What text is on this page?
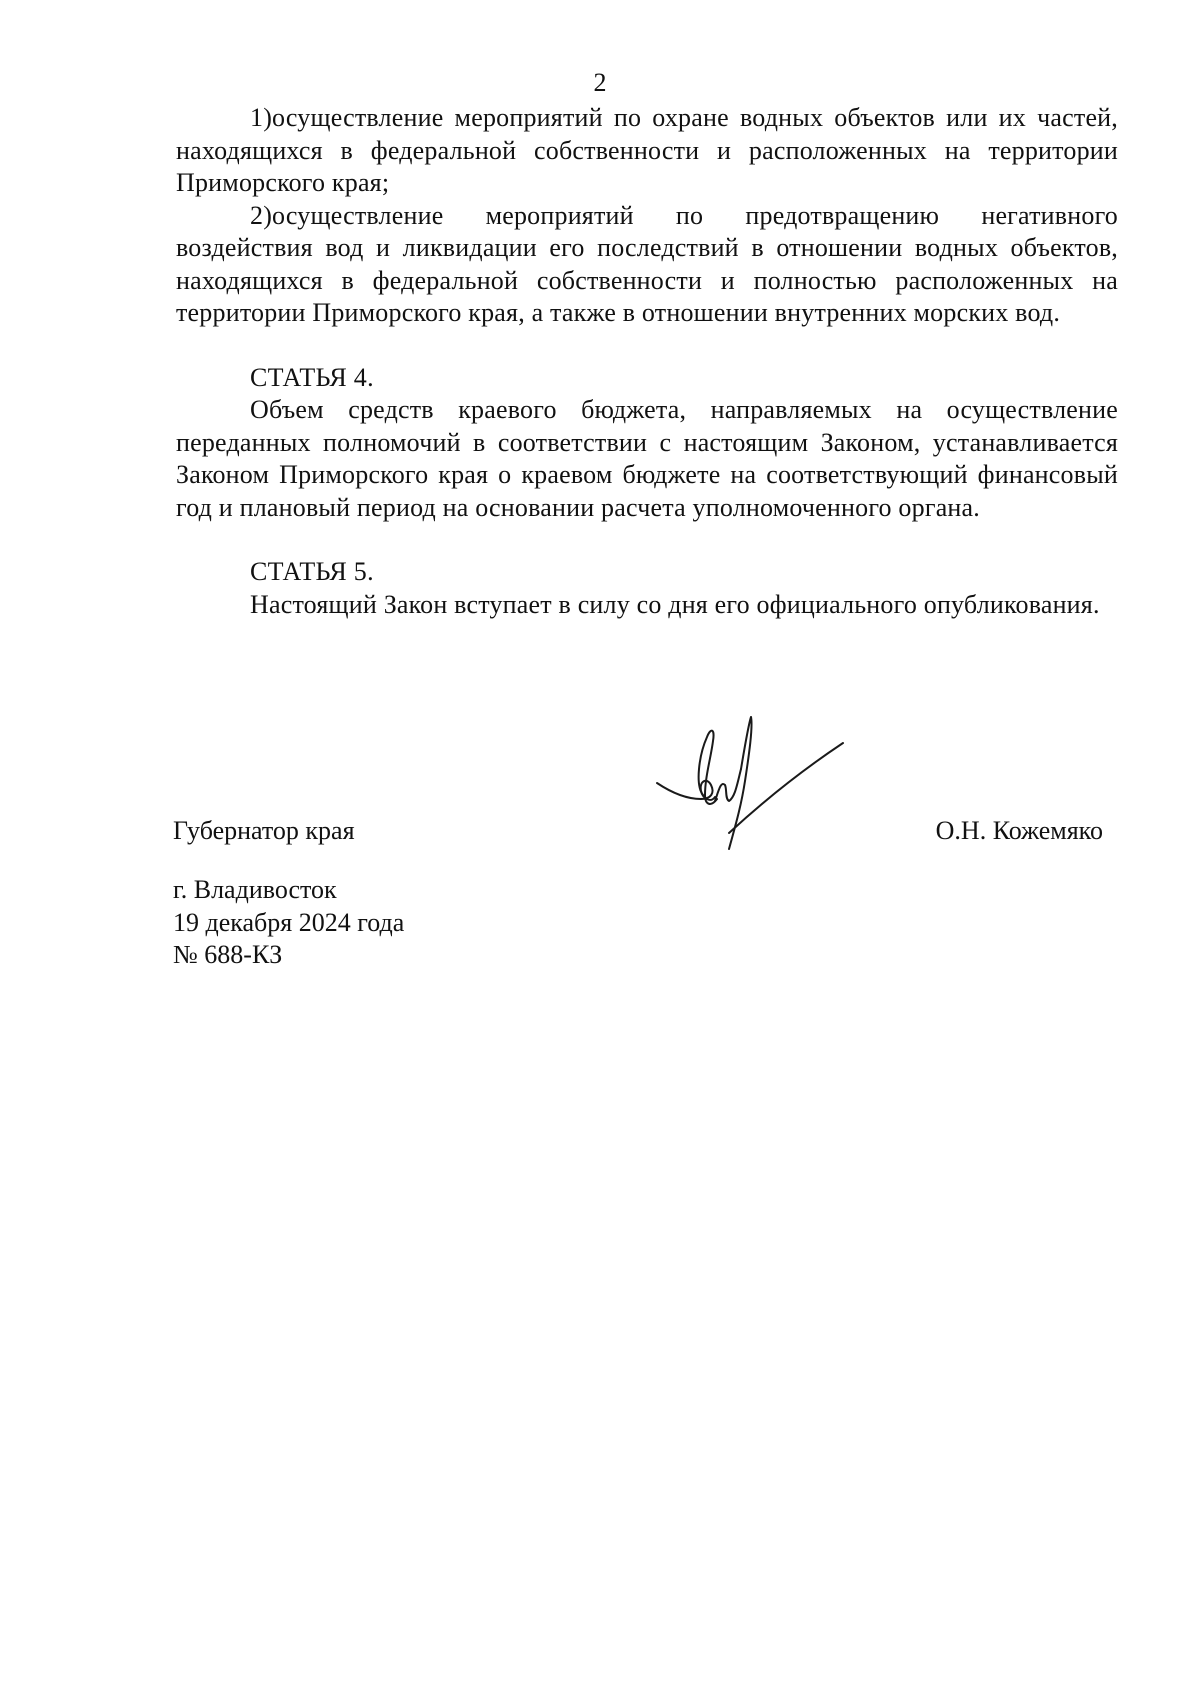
2

1)осуществление мероприятий по охране водных объектов или их частей, находящихся в федеральной собственности и расположенных на территории Приморского края;

2)осуществление мероприятий по предотвращению негативного воздействия вод и ликвидации его последствий в отношении водных объектов, находящихся в федеральной собственности и полностью расположенных на территории Приморского края, а также в отношении внутренних морских вод.

СТАТЬЯ 4.

Объем средств краевого бюджета, направляемых на осуществление переданных полномочий в соответствии с настоящим Законом, устанавливается Законом Приморского края о краевом бюджете на соответствующий финансовый год и плановый период на основании расчета уполномоченного органа.

СТАТЬЯ 5.

Настоящий Закон вступает в силу со дня его официального опубликования.

Губернатор края	О.Н. Кожемяко
г. Владивосток
19 декабря 2024 года
№ 688-КЗ
